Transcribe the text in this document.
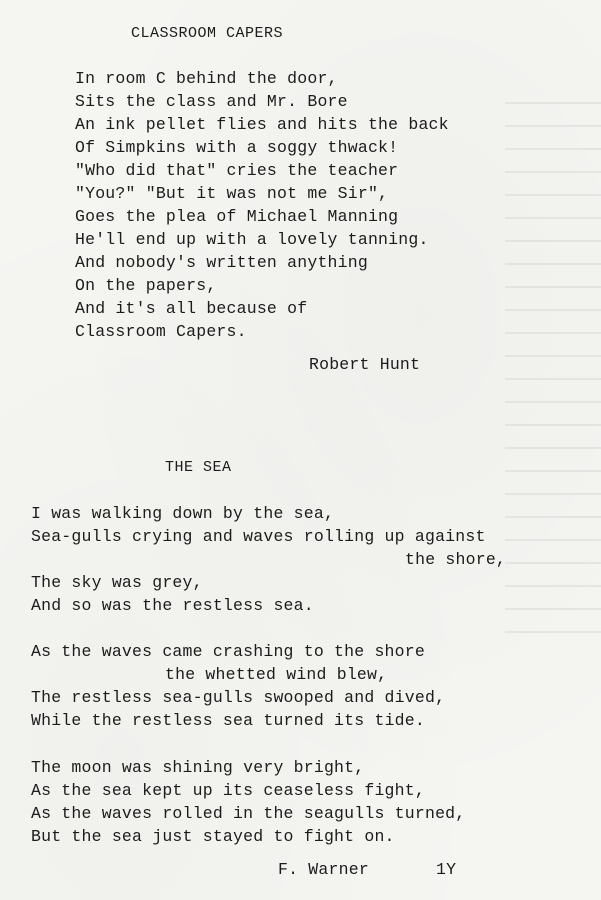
CLASSROOM CAPERS
In room C behind the door,
Sits the class and Mr. Bore
An ink pellet flies and hits the back
Of Simpkins with a soggy thwack!
"Who did that" cries the teacher
"You?" "But it was not me Sir",
Goes the plea of Michael Manning
He'll end up with a lovely tanning.
And nobody's written anything
On the papers,
And it's all because of
Classroom Capers.
Robert Hunt
THE SEA
I was walking down by the sea,
Sea-gulls crying and waves rolling up against
the shore,
The sky was grey,
And so was the restless sea.
As the waves came crashing to the shore
the whetted wind blew,
The restless sea-gulls swooped and dived,
While the restless sea turned its tide.
The moon was shining very bright,
As the sea kept up its ceaseless fight,
As the waves rolled in the seagulls turned,
But the sea just stayed to fight on.
F. Warner	1Y
